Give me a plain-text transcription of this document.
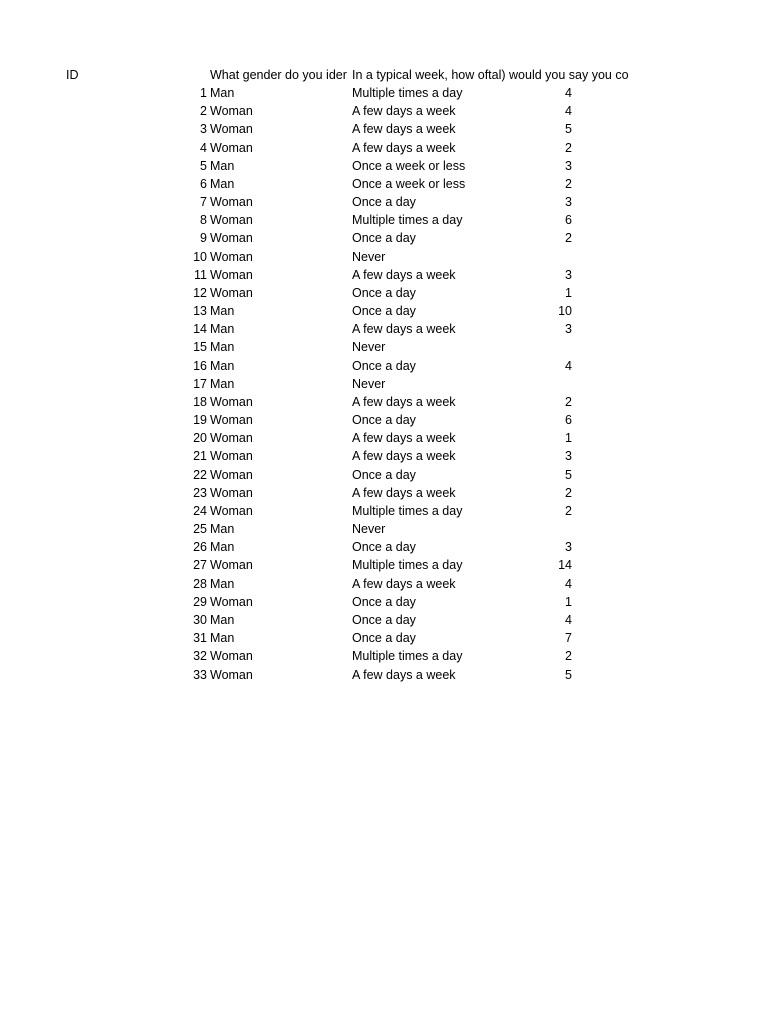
ID	What gender do you ider In a typical week, how oftal) would you say you co
1 Man	Multiple times a day	4
2 Woman	A few days a week	4
3 Woman	A few days a week	5
4 Woman	A few days a week	2
5 Man	Once a week or less	3
6 Man	Once a week or less	2
7 Woman	Once a day	3
8 Woman	Multiple times a day	6
9 Woman	Once a day	2
10 Woman	Never
11 Woman	A few days a week	3
12 Woman	Once a day	1
13 Man	Once a day	10
14 Man	A few days a week	3
15 Man	Never
16 Man	Once a day	4
17 Man	Never
18 Woman	A few days a week	2
19 Woman	Once a day	6
20 Woman	A few days a week	1
21 Woman	A few days a week	3
22 Woman	Once a day	5
23 Woman	A few days a week	2
24 Woman	Multiple times a day	2
25 Man	Never
26 Man	Once a day	3
27 Woman	Multiple times a day	14
28 Man	A few days a week	4
29 Woman	Once a day	1
30 Man	Once a day	4
31 Man	Once a day	7
32 Woman	Multiple times a day	2
33 Woman	A few days a week	5
